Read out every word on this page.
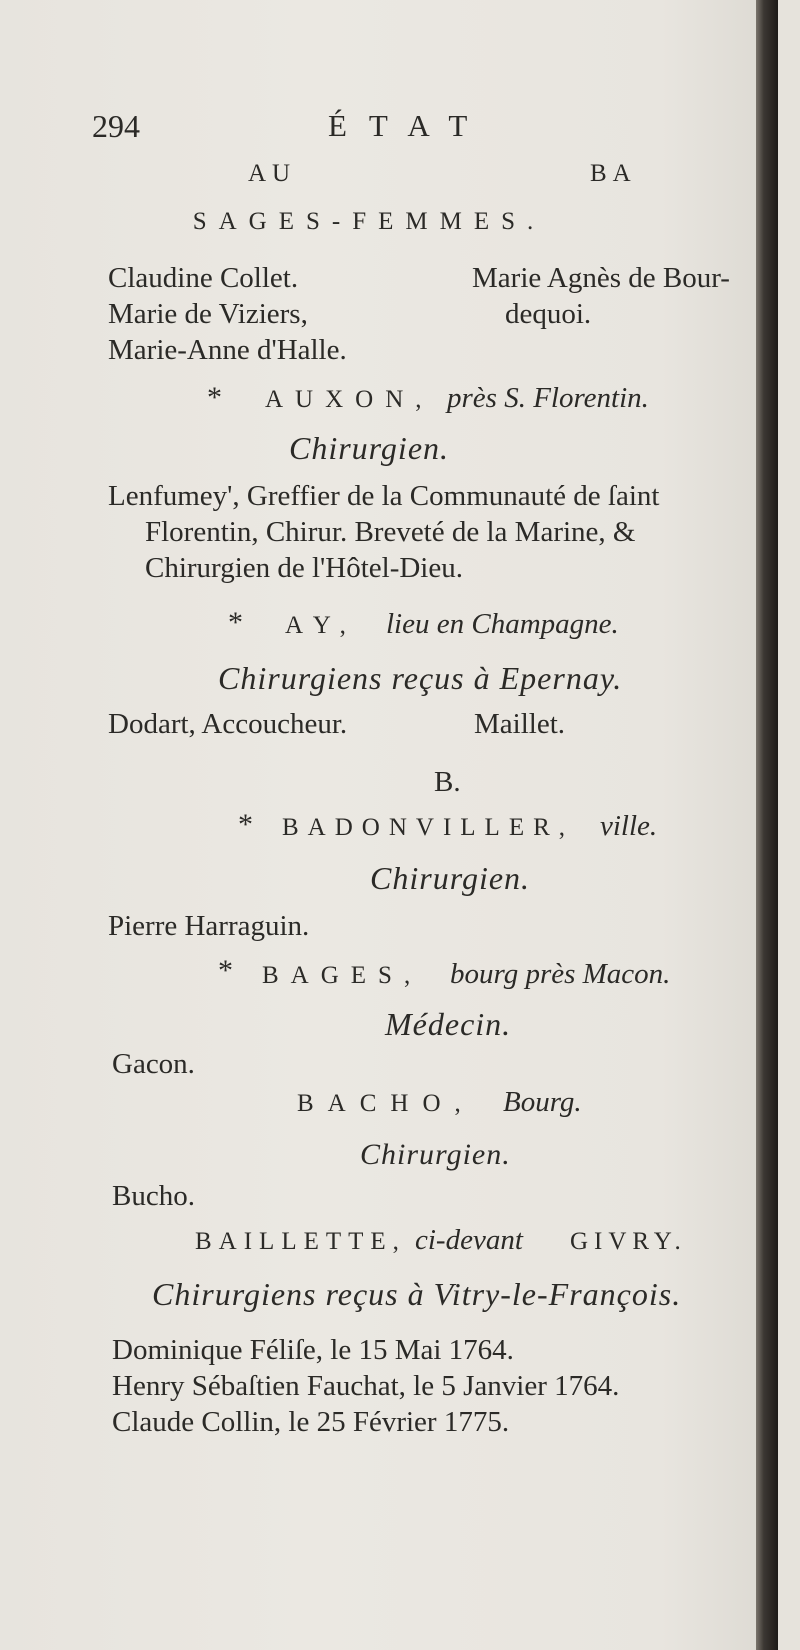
294	ÉTAT
AU	BA
SAGES-FEMMES.
Claudine Collet.
Marie de Viziers,
Marie-Anne d'Halle.
Marie Agnès de Bour-
dequoi.
* AUXON, près S. Florentin.
Chirurgien.
Lenfumey', Greffier de la Communauté de ſaint
Florentin, Chirur. Breveté de la Marine, &
Chirurgien de l'Hôtel-Dieu.
* AY, lieu en Champagne.
Chirurgiens reçus à Epernay.
Dodart, Accoucheur.	Maillet.
B.
* BADONVILLER, ville.
Chirurgien.
Pierre Harraguin.
* BAGES, bourg près Macon.
Médecin.
Gacon.
BACHO, Bourg.
Chirurgien.
Bucho.
BAILLETTE, ci-devant GIVRY.
Chirurgiens reçus à Vitry-le-François.
Dominique Féliſe, le 15 Mai 1764.
Henry Sébaſtien Fauchat, le 5 Janvier 1764.
Claude Collin, le 25 Février 1775.
